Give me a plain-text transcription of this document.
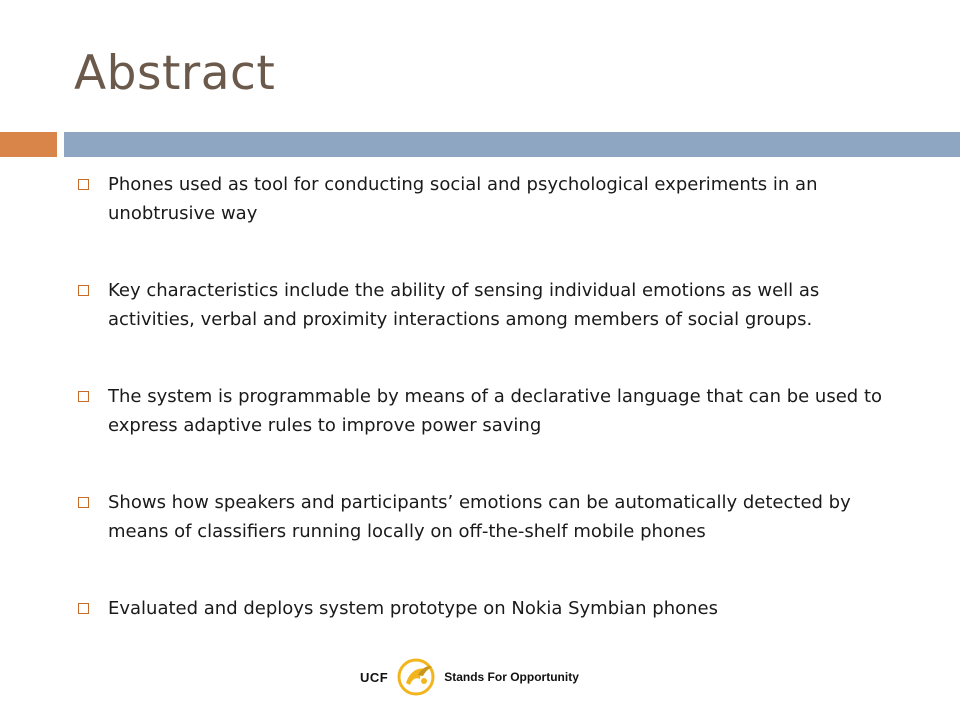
Abstract
Phones used as tool for conducting social and psychological experiments in an unobtrusive way
Key characteristics include the ability of sensing individual emotions as well as activities, verbal and proximity interactions among members of social groups.
The system is programmable by means of a declarative language that can be used to express adaptive rules to improve power saving
Shows how speakers and participants’ emotions can be automatically detected by means of classifiers running locally on off-the-shelf mobile phones
Evaluated and deploys system prototype on Nokia Symbian phones
UCF	Stands For Opportunity
